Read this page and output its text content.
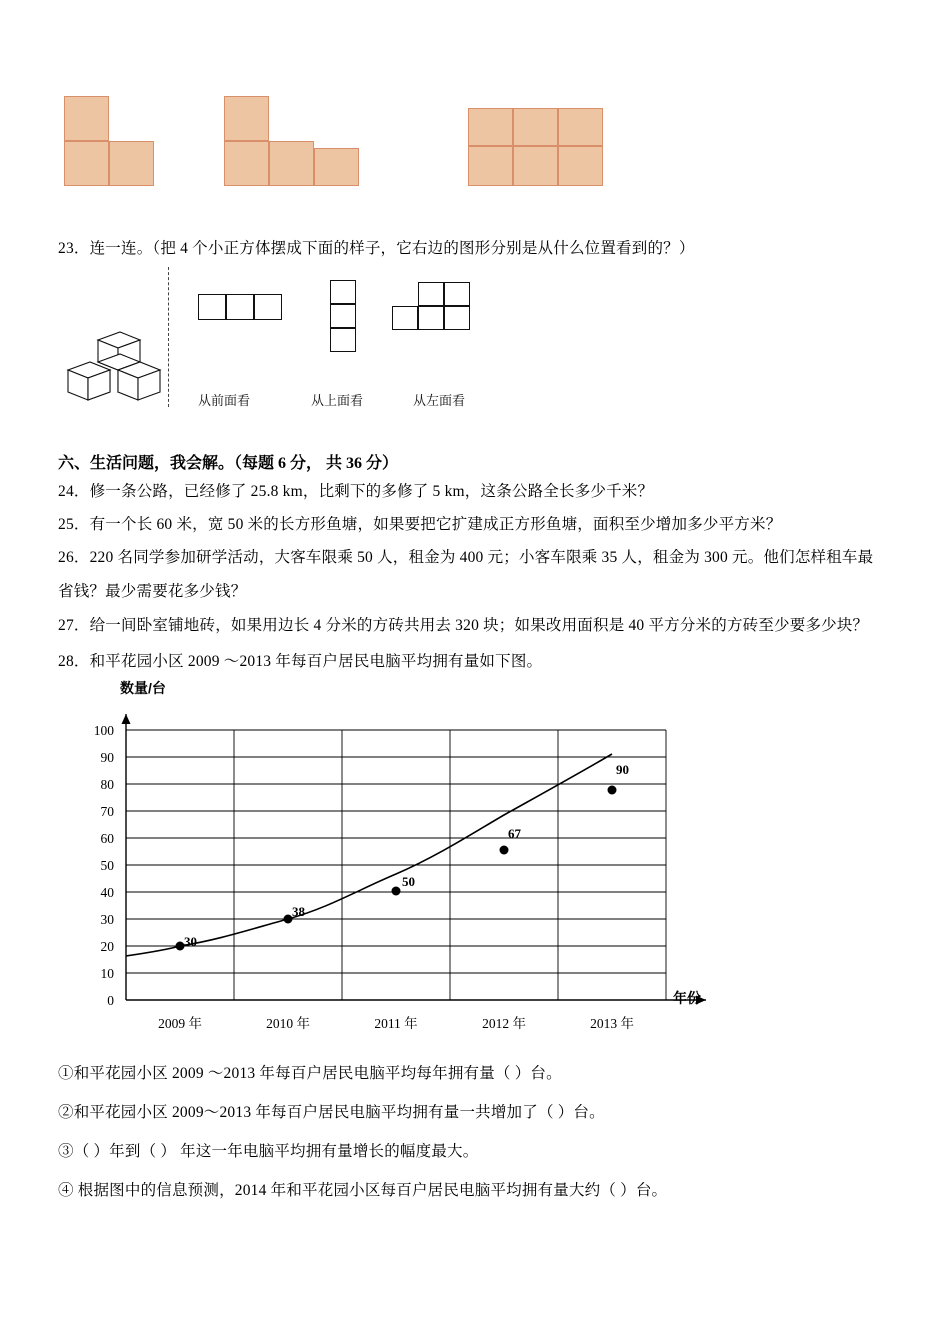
23．连一连。（把 4 个小正方体摆成下面的样子，它右边的图形分别是从什么位置看到的？）
从前面看	从上面看	从左面看
六、生活问题，我会解。（每题 6 分， 共 36 分）
24．修一条公路，已经修了 25.8 km，比剩下的多修了 5 km，这条公路全长多少千米？
25．有一个长 60 米，宽 50 米的长方形鱼塘，如果要把它扩建成正方形鱼塘，面积至少增加多少平方米？
26．220 名同学参加研学活动，大客车限乘 50 人，租金为 400 元；小客车限乘 35 人，租金为 300 元。他们怎样租车最
省钱？最少需要花多少钱？
27．给一间卧室铺地砖，如果用边长 4 分米的方砖共用去 320 块；如果改用面积是 40 平方分米的方砖至少要多少块？
28．和平花园小区 2009 ～2013 年每百户居民电脑平均拥有量如下图。
数量/台
100
90
80
70
60
50
40
30
20
10
0
30
38
50
67
90
2009 年	2010 年	2011 年	2012 年	2013 年
年份
①和平花园小区 2009 ～2013 年每百户居民电脑平均每年拥有量（ ）台。
②和平花园小区 2009～2013 年每百户居民电脑平均拥有量一共增加了（ ）台。
③（ ）年到（ ） 年这一年电脑平均拥有量增长的幅度最大。
④ 根据图中的信息预测，2014 年和平花园小区每百户居民电脑平均拥有量大约（ ）台。
